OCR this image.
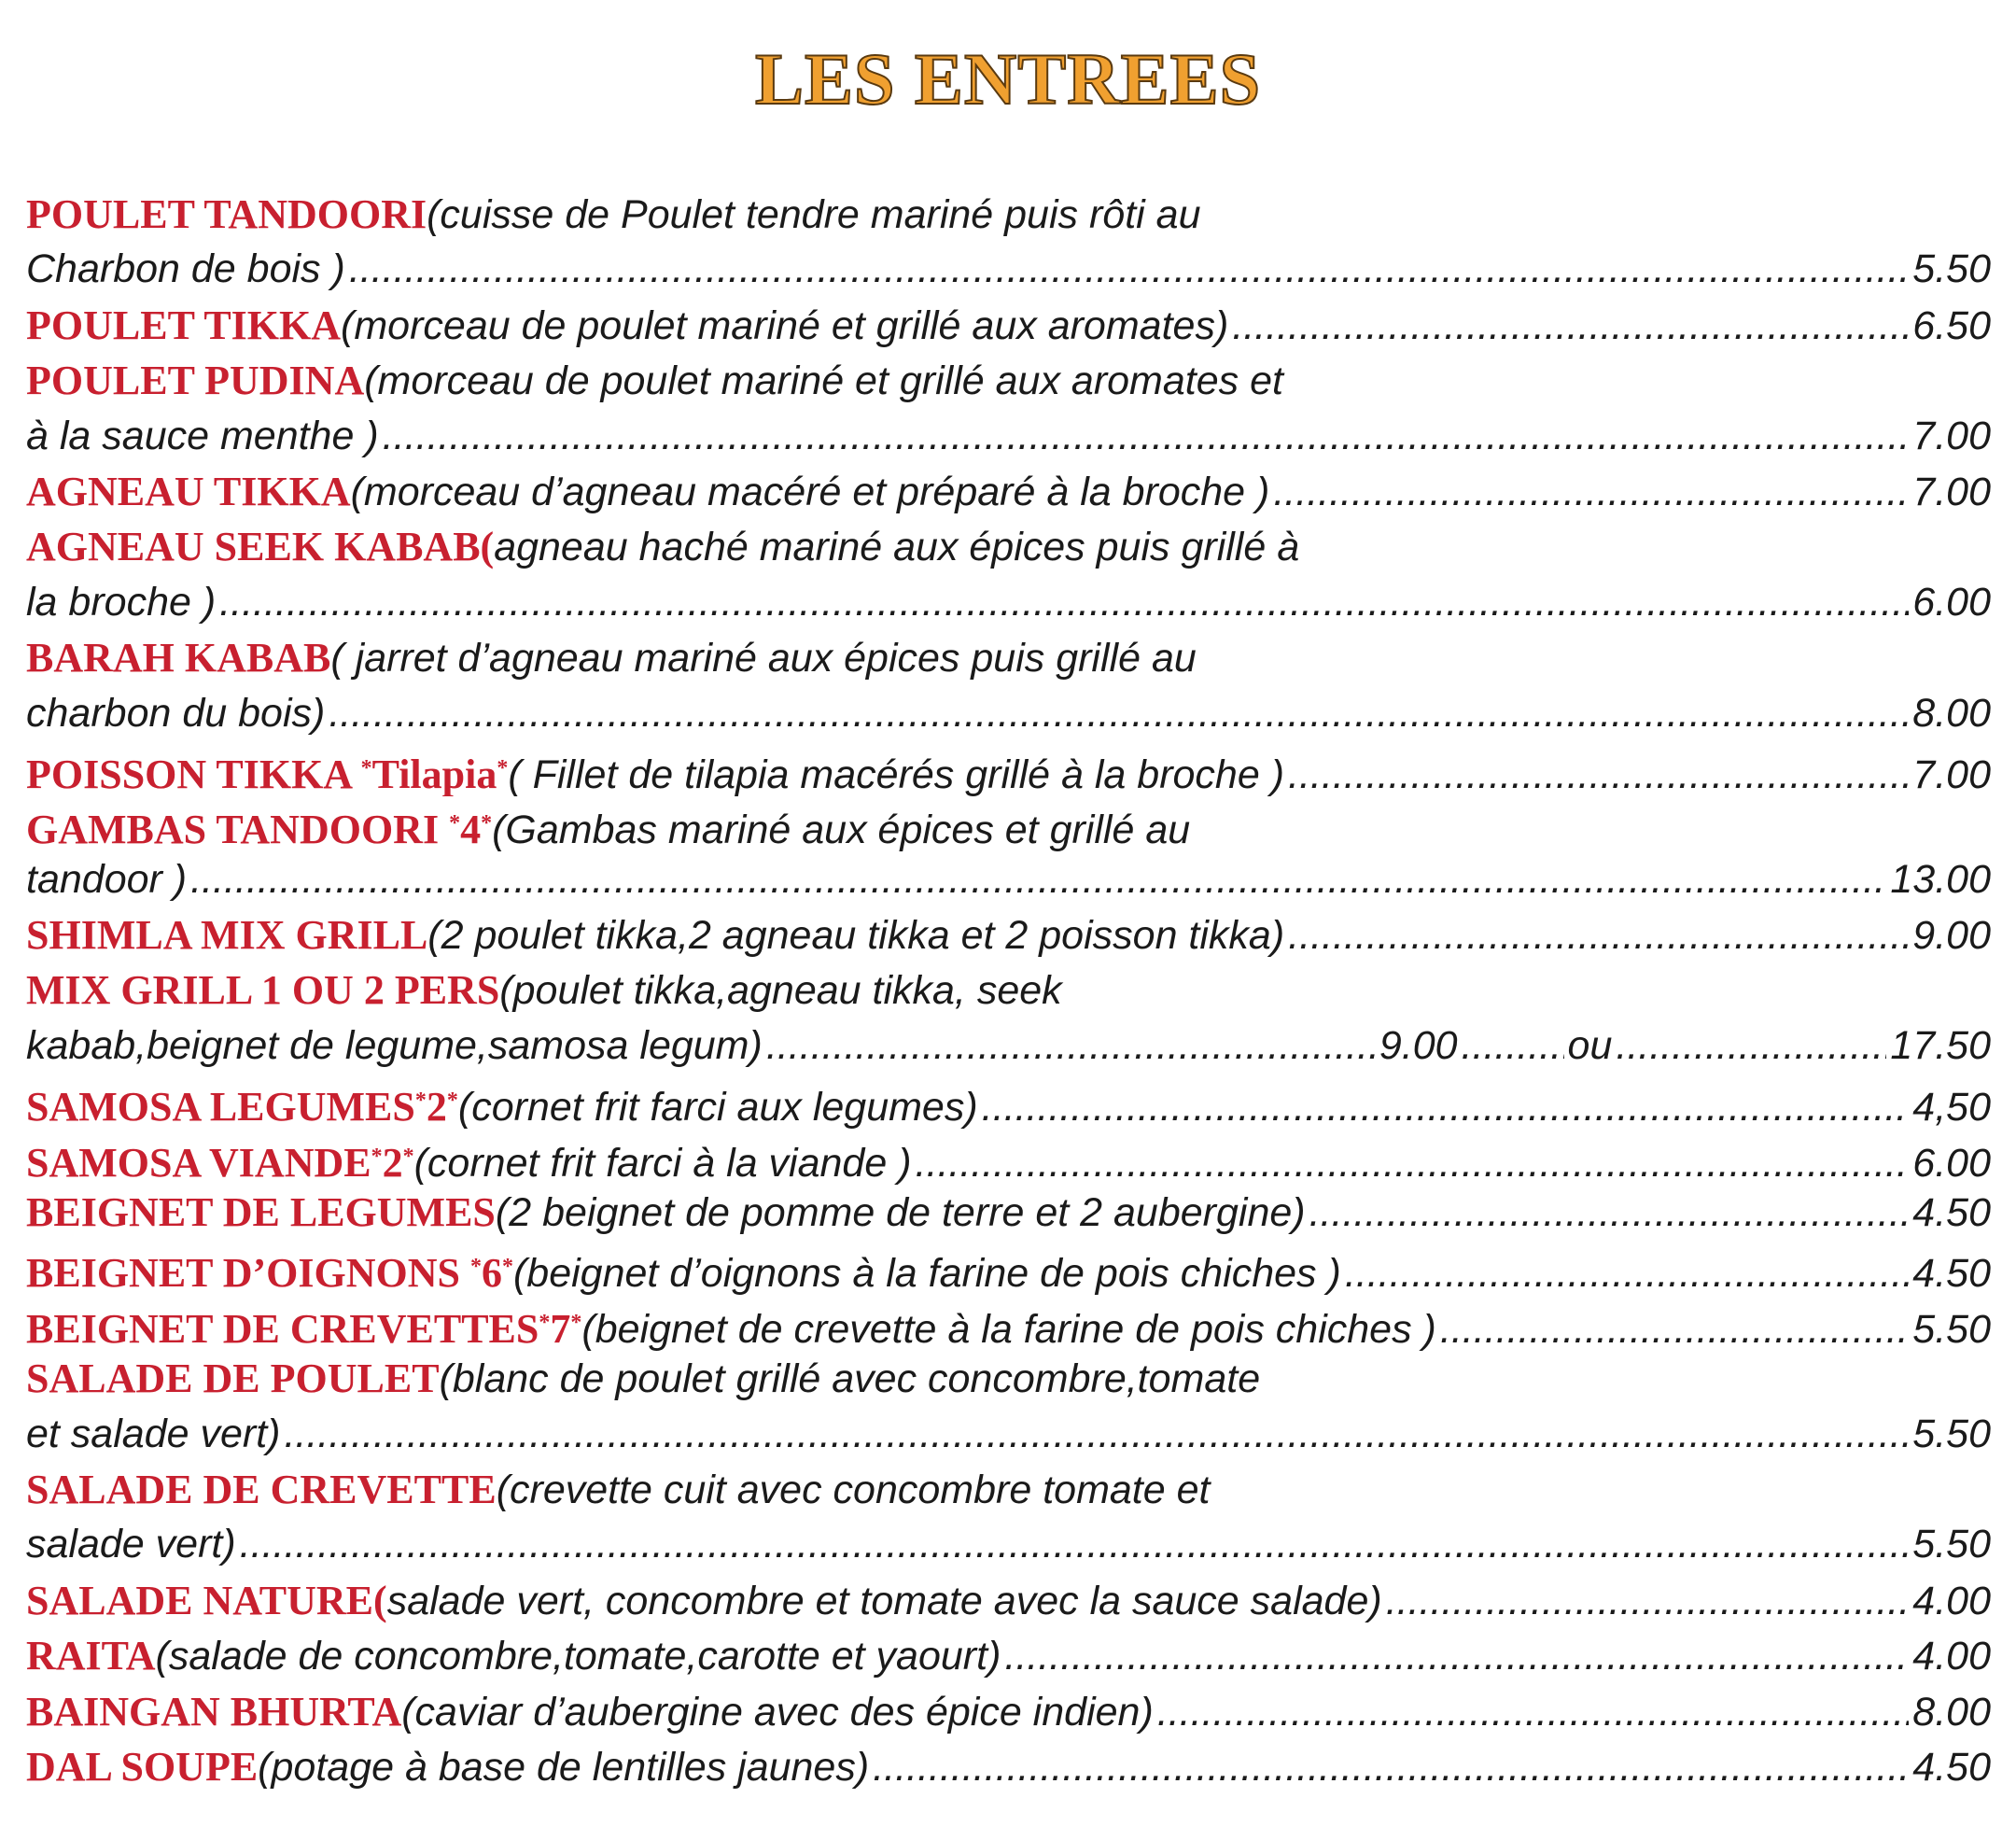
LES ENTREES
POULET TANDOORI (cuisse de Poulet tendre mariné puis rôti au
Charbon de bois ) .....	5.50
POULET TIKKA (morceau de poulet mariné et grillé aux aromates) .....	6.50
POULET PUDINA (morceau de poulet mariné et grillé aux aromates et
à la sauce menthe ) .....	7.00
AGNEAU TIKKA (morceau d’agneau macéré et préparé à la broche ) .....	7.00
AGNEAU SEEK KABAB( agneau haché mariné aux épices puis grillé à
la broche ) .....	6.00
BARAH KABAB ( jarret d’agneau mariné aux épices puis grillé au
charbon du bois) .....	8.00
POISSON TIKKA *Tilapia* ( Fillet de tilapia macérés grillé à la broche ) .....	7.00
GAMBAS TANDOORI *4* (Gambas mariné aux épices et grillé au
tandoor ) .....	13.00
SHIMLA MIX GRILL (2 poulet tikka,2 agneau tikka et 2 poisson tikka) .....	9.00
MIX GRILL 1 OU 2 PERS (poulet tikka,agneau tikka, seek
kabab,beignet de legume,samosa legum) .....	9.00 .....	ou .....	17.50
SAMOSA LEGUMES*2* (cornet frit farci aux legumes) .....	4,50
SAMOSA VIANDE*2* (cornet frit farci à la viande ) .....	6.00
BEIGNET DE LEGUMES (2 beignet de pomme de terre et 2 aubergine) .....	4.50
BEIGNET D’OIGNONS *6* (beignet d’oignons à la farine de pois chiches ) .....	4.50
BEIGNET DE CREVETTES*7* (beignet de crevette à la farine de pois chiches ) .....	5.50
SALADE DE POULET (blanc de poulet grillé avec concombre,tomate
et salade vert) .....	5.50
SALADE DE CREVETTE (crevette cuit avec concombre tomate et
salade vert) .....	5.50
SALADE NATURE( salade vert, concombre et tomate avec la sauce salade) .....	4.00
RAITA (salade de concombre,tomate,carotte et yaourt) .....	4.00
BAINGAN BHURTA (caviar d’aubergine avec des épice indien) .....	8.00
DAL SOUPE (potage à base de lentilles jaunes) .....	4.50
